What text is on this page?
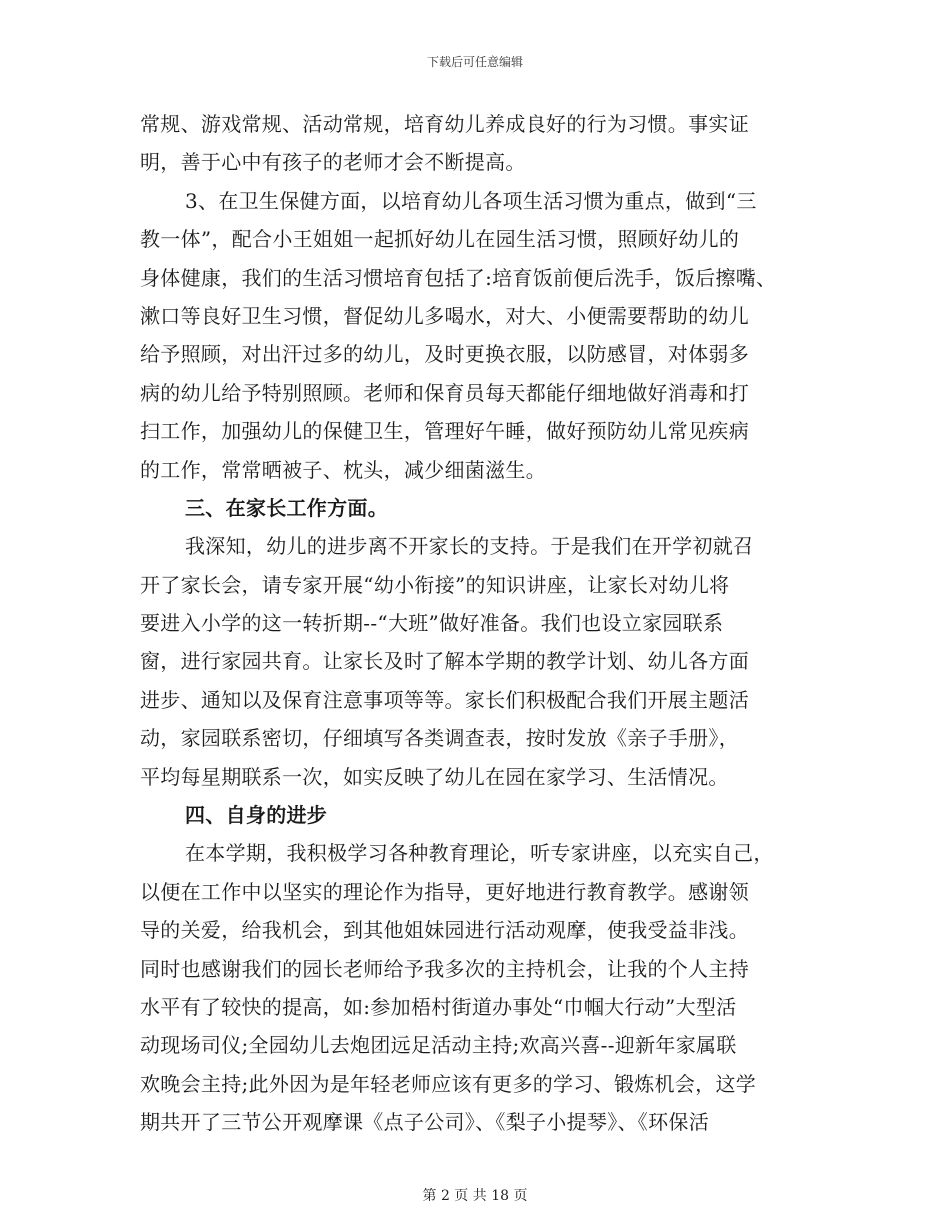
下载后可任意编辑
常规、游戏常规、活动常规，培育幼儿养成良好的行为习惯。事实证
明，善于心中有孩子的老师才会不断提高。
3、在卫生保健方面，以培育幼儿各项生活习惯为重点，做到“三
教一体”，配合小王姐姐一起抓好幼儿在园生活习惯，照顾好幼儿的
身体健康，我们的生活习惯培育包括了:培育饭前便后洗手，饭后擦嘴、
漱口等良好卫生习惯，督促幼儿多喝水，对大、小便需要帮助的幼儿
给予照顾，对出汗过多的幼儿，及时更换衣服，以防感冒，对体弱多
病的幼儿给予特别照顾。老师和保育员每天都能仔细地做好消毒和打
扫工作，加强幼儿的保健卫生，管理好午睡，做好预防幼儿常见疾病
的工作，常常晒被子、枕头，减少细菌滋生。
三、在家长工作方面。
我深知，幼儿的进步离不开家长的支持。于是我们在开学初就召
开了家长会，请专家开展“幼小衔接”的知识讲座，让家长对幼儿将
要进入小学的这一转折期--“大班”做好准备。我们也设立家园联系
窗，进行家园共育。让家长及时了解本学期的教学计划、幼儿各方面
进步、通知以及保育注意事项等等。家长们积极配合我们开展主题活
动，家园联系密切，仔细填写各类调查表，按时发放《亲子手册》，
平均每星期联系一次，如实反映了幼儿在园在家学习、生活情况。
四、自身的进步
在本学期，我积极学习各种教育理论，听专家讲座，以充实自己，
以便在工作中以坚实的理论作为指导，更好地进行教育教学。感谢领
导的关爱，给我机会，到其他姐妹园进行活动观摩，使我受益非浅。
同时也感谢我们的园长老师给予我多次的主持机会，让我的个人主持
水平有了较快的提高，如:参加梧村街道办事处“巾帼大行动”大型活
动现场司仪;全园幼儿去炮团远足活动主持;欢高兴喜--迎新年家属联
欢晚会主持;此外因为是年轻老师应该有更多的学习、锻炼机会，这学
期共开了三节公开观摩课《点子公司》、《梨子小提琴》、《环保活
第 2 页 共 18 页
